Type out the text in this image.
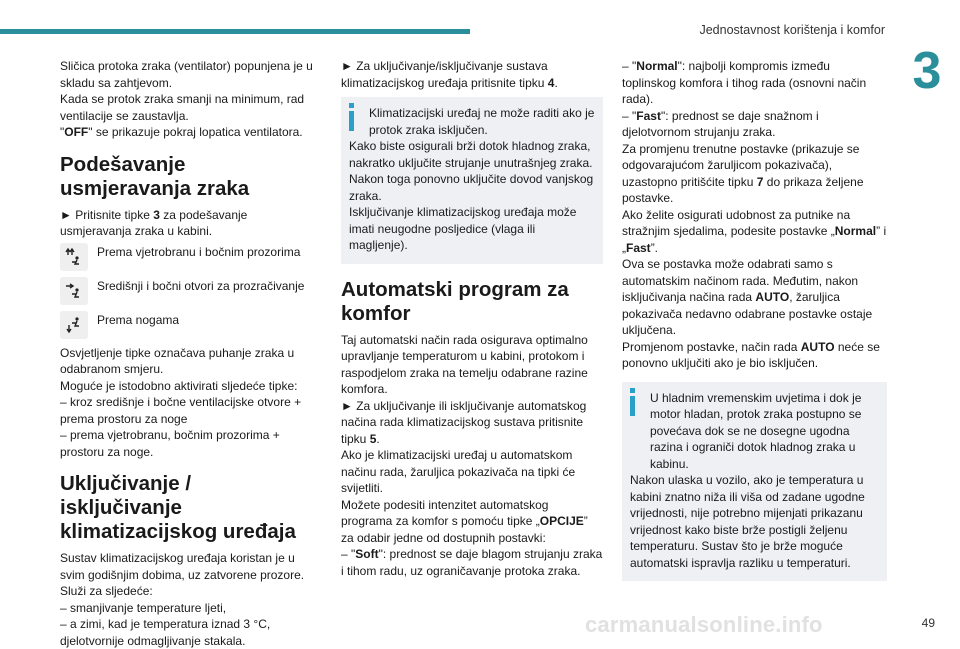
Jednostavnost korištenja i komfor
3

Sličica protoka zraka (ventilator) popunjena je u skladu sa zahtjevom.

Kada se protok zraka smanji na minimum, rad ventilacije se zaustavlja.

"OFF" se prikazuje pokraj lopatica ventilatora.

Podešavanje usmjeravanja zraka

► Pritisnite tipke 3 za podešavanje usmjeravanja zraka u kabini.

Prema vjetrobranu i bočnim prozorima
Središnji i bočni otvori za prozračivanje
Prema nogama

Osvjetljenje tipke označava puhanje zraka u odabranom smjeru.

Moguće je istodobno aktivirati sljedeće tipke:

– kroz središnje i bočne ventilacijske otvore + prema prostoru za noge

– prema vjetrobranu, bočnim prozorima + prostoru za noge.

Uključivanje / isključivanje klimatizacijskog uređaja

Sustav klimatizacijskog uređaja koristan je u svim godišnjim dobima, uz zatvorene prozore.

Služi za sljedeće:

– smanjivanje temperature ljeti,

– a zimi, kad je temperatura iznad 3 °C, djelotvornije odmagljivanje stakala.

► Za uključivanje/isključivanje sustava klimatizacijskog uređaja pritisnite tipku 4.

Klimatizacijski uređaj ne može raditi ako je protok zraka isključen.

Kako biste osigurali brži dotok hladnog zraka, nakratko uključite strujanje unutrašnjeg zraka. Nakon toga ponovno uključite dovod vanjskog zraka.

Isključivanje klimatizacijskog uređaja može imati neugodne posljedice (vlaga ili magljenje).

Automatski program za komfor

Taj automatski način rada osigurava optimalno upravljanje temperaturom u kabini, protokom i raspodjelom zraka na temelju odabrane razine komfora.

► Za uključivanje ili isključivanje automatskog načina rada klimatizacijskog sustava pritisnite tipku 5.

Ako je klimatizacijski uređaj u automatskom načinu rada, žaruljica pokazivača na tipki će svijetliti.

Možete podesiti intenzitet automatskog programa za komfor s pomoću tipke „OPCIJE” za odabir jedne od dostupnih postavki:

– "Soft": prednost se daje blagom strujanju zraka i tihom radu, uz ograničavanje protoka zraka.

– "Normal": najbolji kompromis između toplinskog komfora i tihog rada (osnovni način rada).

– "Fast": prednost se daje snažnom i djelotvornom strujanju zraka.

Za promjenu trenutne postavke (prikazuje se odgovarajućom žaruljicom pokazivača), uzastopno pritišćite tipku 7 do prikaza željene postavke.

Ako želite osigurati udobnost za putnike na stražnjim sjedalima, podesite postavke „Normal” i „Fast”.

Ova se postavka može odabrati samo s automatskim načinom rada. Međutim, nakon isključivanja načina rada AUTO, žaruljica pokazivača nedavno odabrane postavke ostaje uključena.

Promjenom postavke, način rada AUTO neće se ponovno uključiti ako je bio isključen.

U hladnim vremenskim uvjetima i dok je motor hladan, protok zraka postupno se povećava dok se ne dosegne ugodna razina i ograniči dotok hladnog zraka u kabinu.

Nakon ulaska u vozilo, ako je temperatura u kabini znatno niža ili viša od zadane ugodne vrijednosti, nije potrebno mijenjati prikazanu vrijednost kako biste brže postigli željenu temperaturu. Sustav što je brže moguće automatski ispravlja razliku u temperaturi.

carmanualsonline.info	49
